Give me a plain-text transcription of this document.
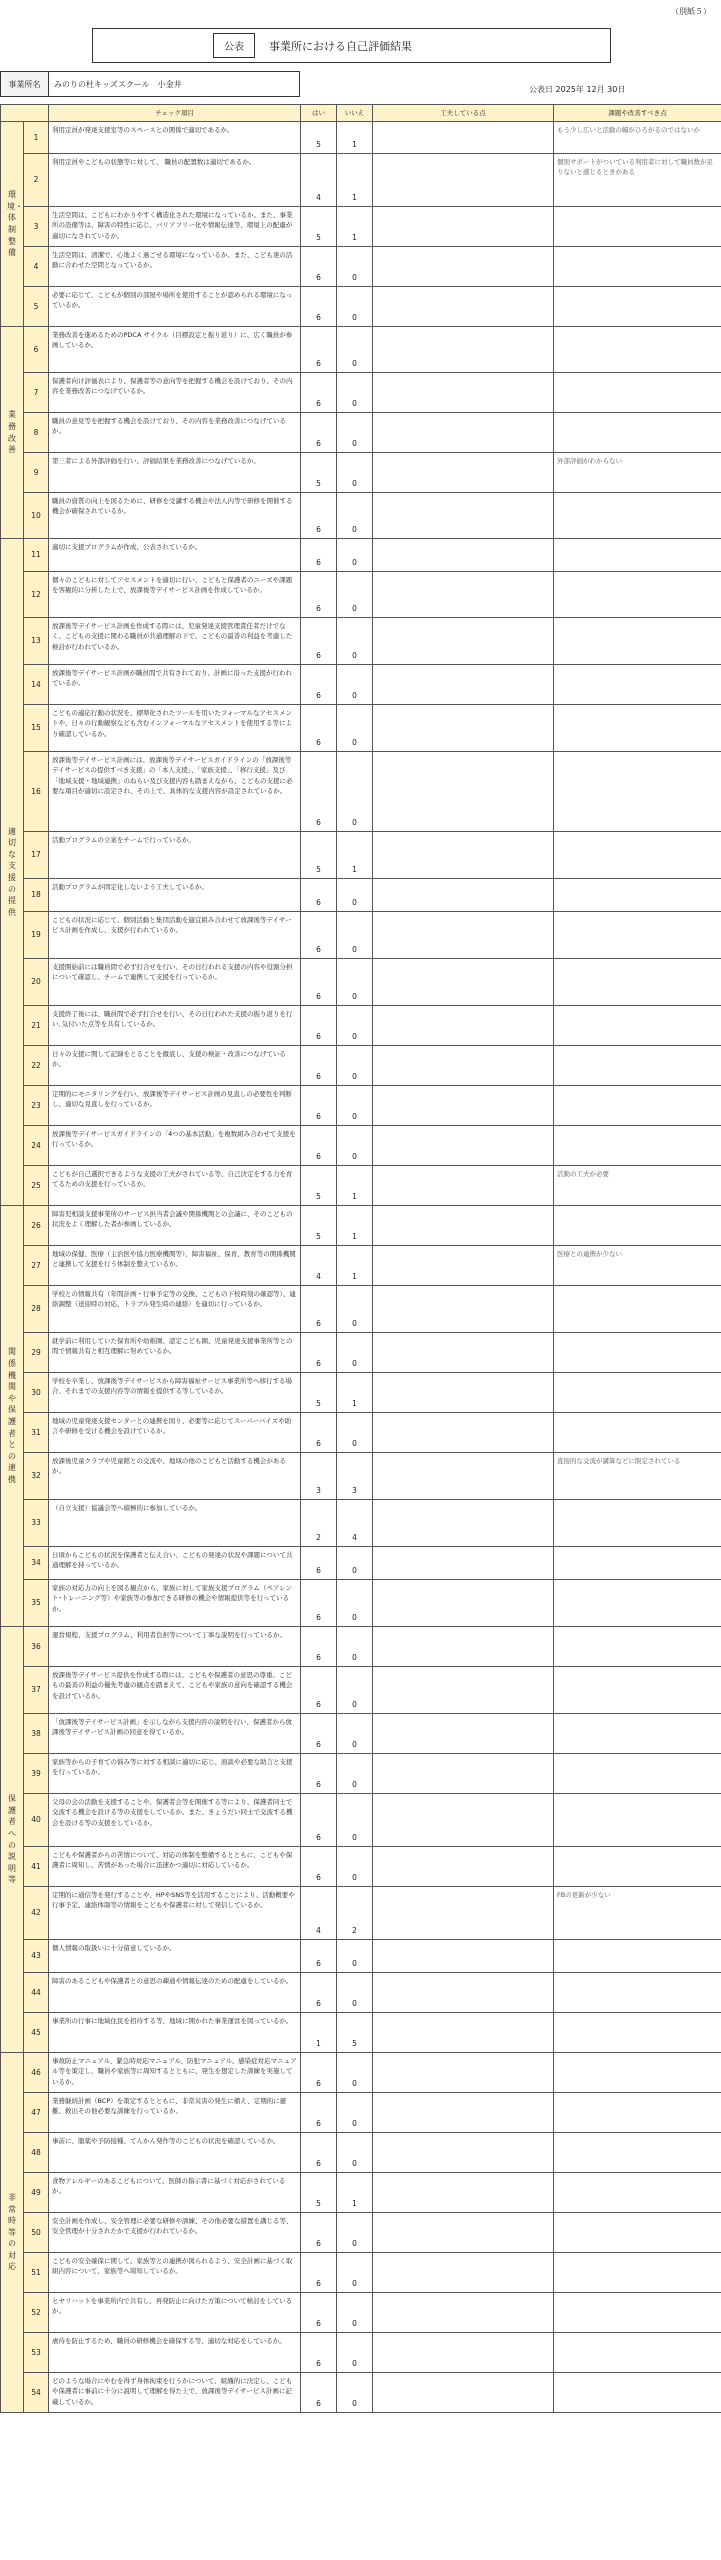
（別紙５）
公表	事業所における自己評価結果
事業所名	みのりの杜キッズスクール　小金井
公表日 2025年 12月 30日
		チェック項目	はい	いいえ	工夫している点	課題や改善すべき点
環境・体制整備	1	利用定員が発達支援室等のスペースとの関係で適切であるか。	5	1		もう少し広いと活動の幅がひろがるのではないか
	2	利用定員やこどもの状態等に対して、 職員の配置数は適切であるか。	4	1		個別サポートがついている利用者に対して職員数が足りないと感じるときがある
	3	生活空間は、こどもにわかりやすく構造化された環境になっているか。また、事業所の設備等は、障害の特性に応じ、バリアフリー化や情報伝達等、環境上の配慮が適切になされているか。	5	1		
	4	生活空間は、清潔で、心地よく過ごせる環境になっているか。また、こども達の活動に合わせた空間となっているか。	6	0		
	5	必要に応じて、こどもが個別の部屋や場所を使用することが認められる環境になっているか。	6	0		
業務改善	6	業務改善を進めるためのPDCA サイクル（目標設定と振り返り）に、広く職員が参画しているか。	6	0		
	7	保護者向け評価表により、保護者等の意向等を把握する機会を設けており、その内容を業務改善につなげているか。	6	0		
	8	職員の意見等を把握する機会を設けており、その内容を業務改善につなげているか。	6	0		
	9	第三者による外部評価を行い、評価結果を業務改善につなげているか。	5	0		外部評価がわからない
	10	職員の資質の向上を図るために、研修を受講する機会や法人内等で研修を開催する機会が確保されているか。	6	0		
適切な支援の提供	11	適切に支援プログラムが作成、公表されているか。	6	0		
	12	個々のこどもに対してアセスメントを適切に行い、こどもと保護者のニーズや課題を客観的に分析した上で、放課後等デイサービス計画を作成しているか。	6	0		
	13	放課後等デイサービス計画を作成する際には、児童発達支援管理責任者だけでなく、こどもの支援に関わる職員が共通理解の下で、こどもの最善の利益を考慮した検討が行われているか。	6	0		
	14	放課後等デイサービス計画が職員間で共有されており、計画に沿った支援が行われているか。	6	0		
	15	こどもの適応行動の状況を、標準化されたツールを用いたフォーマルなアセスメントや、日々の行動観察なども含むインフォーマルなアセスメントを使用する等により確認しているか。	6	0		
	16	放課後等デイサービス計画には、放課後等デイサービスガイドラインの「放課後等デイサービスの提供すべき支援」の「本人支援」、「家族支援」、「移行支援」及び「地域支援・地域連携」のねらい及び支援内容も踏まえながら、こどもの支援に必要な項目が適切に設定され、その上で、具体的な支援内容が設定されているか。	6	0		
	17	活動プログラムの立案をチームで行っているか。	5	1		
	18	活動プログラムが固定化しないよう工夫しているか。	6	0		
	19	こどもの状況に応じて、個別活動と集団活動を適宜組み合わせて放課後等デイサービス計画を作成し、支援が行われているか。	6	0		
	20	支援開始前には職員間で必ず打合せを行い、その日行われる支援の内容や役割分担について確認し、チームで連携して支援を行っているか。	6	0		
	21	支援終了後には、職員間で必ず打合せを行い、その日行われた支援の振り返りを行い､気付いた点等を共有しているか。	6	0		
	22	日々の支援に関して記録をとることを徹底し、支援の検証・改善につなげているか。	6	0		
	23	定期的にモニタリングを行い、放課後等デイサービス計画の見直しの必要性を判断し、適切な見直しを行っているか。	6	0		
	24	放課後等デイサービスガイドラインの「4つの基本活動」を複数組み合わせて支援を行っているか。	6	0		
	25	こどもが自己選択できるような支援の工夫がされている等、自己決定をする力を育てるための支援を行っているか。	5	1		活動の工夫が必要
関係機関や保護者との連携	26	障害児相談支援事業所のサービス担当者会議や関係機関との会議に、そのこどもの状況をよく理解した者が参画しているか。	5	1		
	27	地域の保健、医療（主治医や協力医療機関等）、障害福祉、保育、教育等の関係機関と連携して支援を行う体制を整えているか。	4	1		医療との連携が少ない
	28	学校との情報共有（年間計画・行事予定等の交換、こどもの下校時刻の確認等）、連絡調整（送迎時の対応、トラブル発生時の連絡）を適切に行っているか。	6	0		
	29	就学前に利用していた保育所や幼稚園、認定こども園、児童発達支援事業所等との間で情報共有と相互理解に努めているか。	6	0		
	30	学校を卒業し、放課後等デイサービスから障害福祉サービス事業所等へ移行する場合、それまでの支援内容等の情報を提供する等しているか。	5	1		
	31	地域の児童発達支援センターとの連携を図り、必要等に応じてスーパーバイズや助言や研修を受ける機会を設けているか。	6	0		
	32	放課後児童クラブや児童館との交流や、地域の他のこどもと活動する機会があるか。	3	3		直接的な交流が講算などに限定されている
	33	（自立支援）協議会等へ積極的に参加しているか。	2	4		
	34	日頃からこどもの状況を保護者と伝え合い、こどもの発達の状況や課題について共通理解を持っているか。	6	0		
	35	家族の対応力の向上を図る観点から、家族に対して家族支援プログラム（ペアレント･トレーニング等）や家族等の参加できる研修の機会や情報提供等を行っているか。	6	0		
保護者への説明等	36	運営規程、支援プログラム、利用者負担等について丁寧な説明を行っているか。	6	0		
	37	放課後等デイサービス提供を作成する際には、こどもや保護者の意思の尊重、こどもの最善の利益の優先考慮の観点を踏まえて、こどもや家族の意向を確認する機会を設けているか。	6	0		
	38	「放課後等デイサービス計画」を示しながら支援内容の説明を行い、保護者から放課後等デイサービス計画の同意を得ているか。	6	0		
	39	家族等からの子育ての悩み等に対する相談に適切に応じ、面談や必要な助言と支援を行っているか。	6	0		
	40	父母の会の活動を支援することや、保護者会等を開催する等により、保護者同士で交流する機会を設ける等の支援をしているか。また、きょうだい同士で交流する機会を設ける等の支援をしているか。	6	0		
	41	こどもや保護者からの苦情について、対応の体制を整備するとともに、こどもや保護者に周知し、苦情があった場合に迅速かつ適切に対応しているか。	6	0		
	42	定期的に通信等を発行することや、HPやSNS等を活用することにより、活動概要や行事予定、連絡体制等の情報をこどもや保護者に対して発信しているか。	4	2		FBの更新が少ない
	43	個人情報の取扱いに十分留意しているか。	6	0		
	44	障害のあるこどもや保護者との意思の疎通や情報伝達のための配慮をしているか。	6	0		
	45	事業所の行事に地域住民を招待する等、地域に開かれた事業運営を図っているか。	1	5		
非常時等の対応	46	事故防止マニュアル、緊急時対応マニュアル、防犯マニュアル、感染症対応マニュアル等を策定し、職員や家族等に周知するとともに、発生を想定した訓練を実施しているか。	6	0		
	47	業務継続計画（BCP）を策定するとともに、非常災害の発生に備え、定期的に避難、救出その他必要な訓練を行っているか。	6	0		
	48	事前に、服薬や予防接種、てんかん発作等のこどもの状況を確認しているか。	6	0		
	49	食物アレルギーのあるこどもについて、医師の指示書に基づく対応がされているか。	5	1		
	50	安全計画を作成し、安全管理に必要な研修や訓練、その他必要な措置を講じる等、安全管理が十分されたかで支援が行われているか。	6	0		
	51	こどもの安全確保に関して、家族等との連携が図られるよう、安全計画に基づく取組内容について、家族等へ周知しているか。	6	0		
	52	ヒヤリハットを事業所内で共有し、再発防止に向けた方策について検討をしているか。	6	0		
	53	虐待を防止するため、職員の研修機会を確保する等、適切な対応をしているか。	6	0		
	54	どのような場合にやむを得ず身体拘束を行うかについて、組織的に決定し、こどもや保護者に事前に十分に説明して理解を得た上で、放課後等デイサービス計画に記載しているか。	6	0		
